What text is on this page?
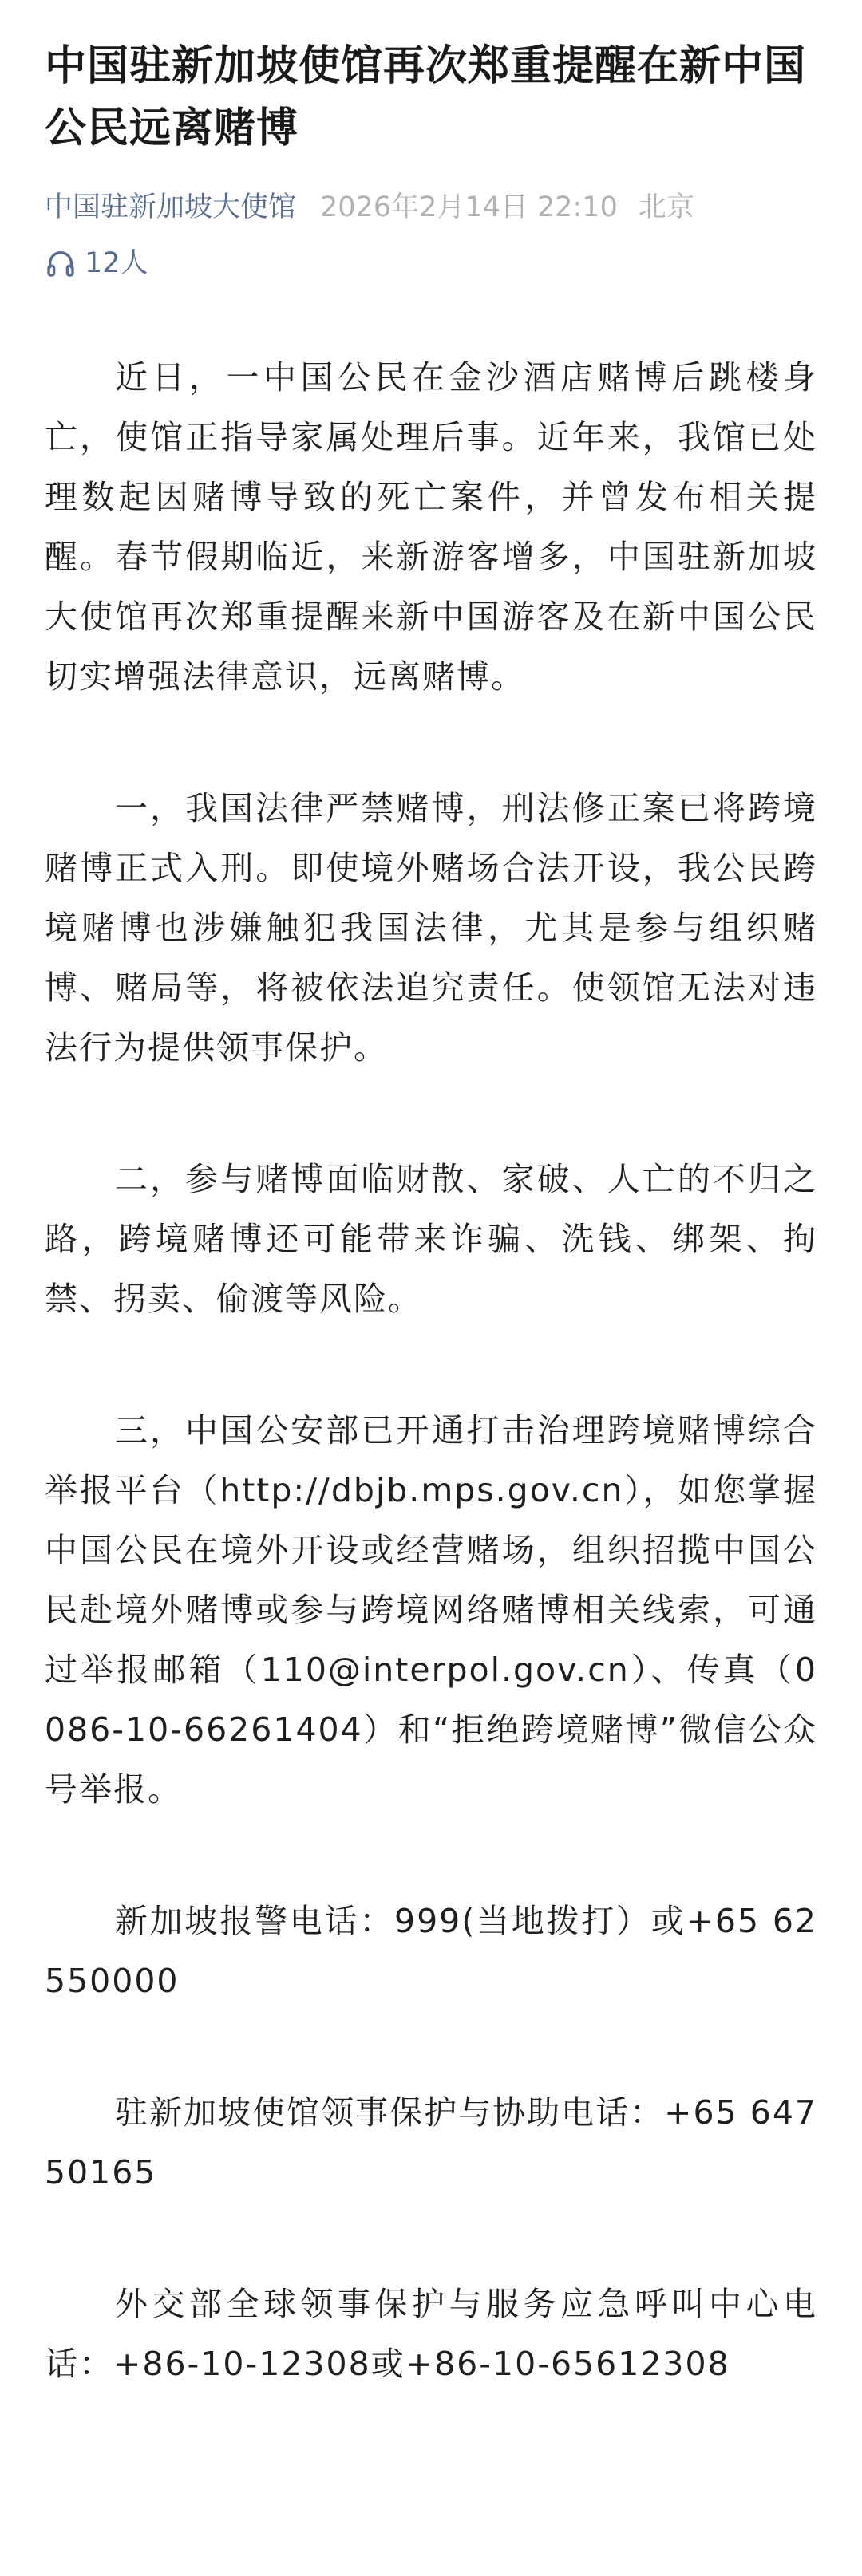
中国驻新加坡使馆再次郑重提醒在新中国公民远离赌博
中国驻新加坡大使馆 2026年2月14日 22:10 北京
12人

近日，一中国公民在金沙酒店赌博后跳楼身亡，使馆正指导家属处理后事。近年来，我馆已处理数起因赌博导致的死亡案件，并曾发布相关提醒。春节假期临近，来新游客增多，中国驻新加坡大使馆再次郑重提醒来新中国游客及在新中国公民切实增强法律意识，远离赌博。

一，我国法律严禁赌博，刑法修正案已将跨境赌博正式入刑。即使境外赌场合法开设，我公民跨境赌博也涉嫌触犯我国法律，尤其是参与组织赌博、赌局等，将被依法追究责任。使领馆无法对违法行为提供领事保护。

二，参与赌博面临财散、家破、人亡的不归之路，跨境赌博还可能带来诈骗、洗钱、绑架、拘禁、拐卖、偷渡等风险。

三，中国公安部已开通打击治理跨境赌博综合举报平台（http://dbjb.mps.gov.cn），如您掌握中国公民在境外开设或经营赌场，组织招揽中国公民赴境外赌博或参与跨境网络赌博相关线索，可通过举报邮箱（110@interpol.gov.cn）、传真（0086-10-66261404）和“拒绝跨境赌博”微信公众号举报。

新加坡报警电话：999(当地拨打）或+65 62550000

驻新加坡使馆领事保护与协助电话：+65 64750165

外交部全球领事保护与服务应急呼叫中心电话：+86-10-12308或+86-10-65612308
